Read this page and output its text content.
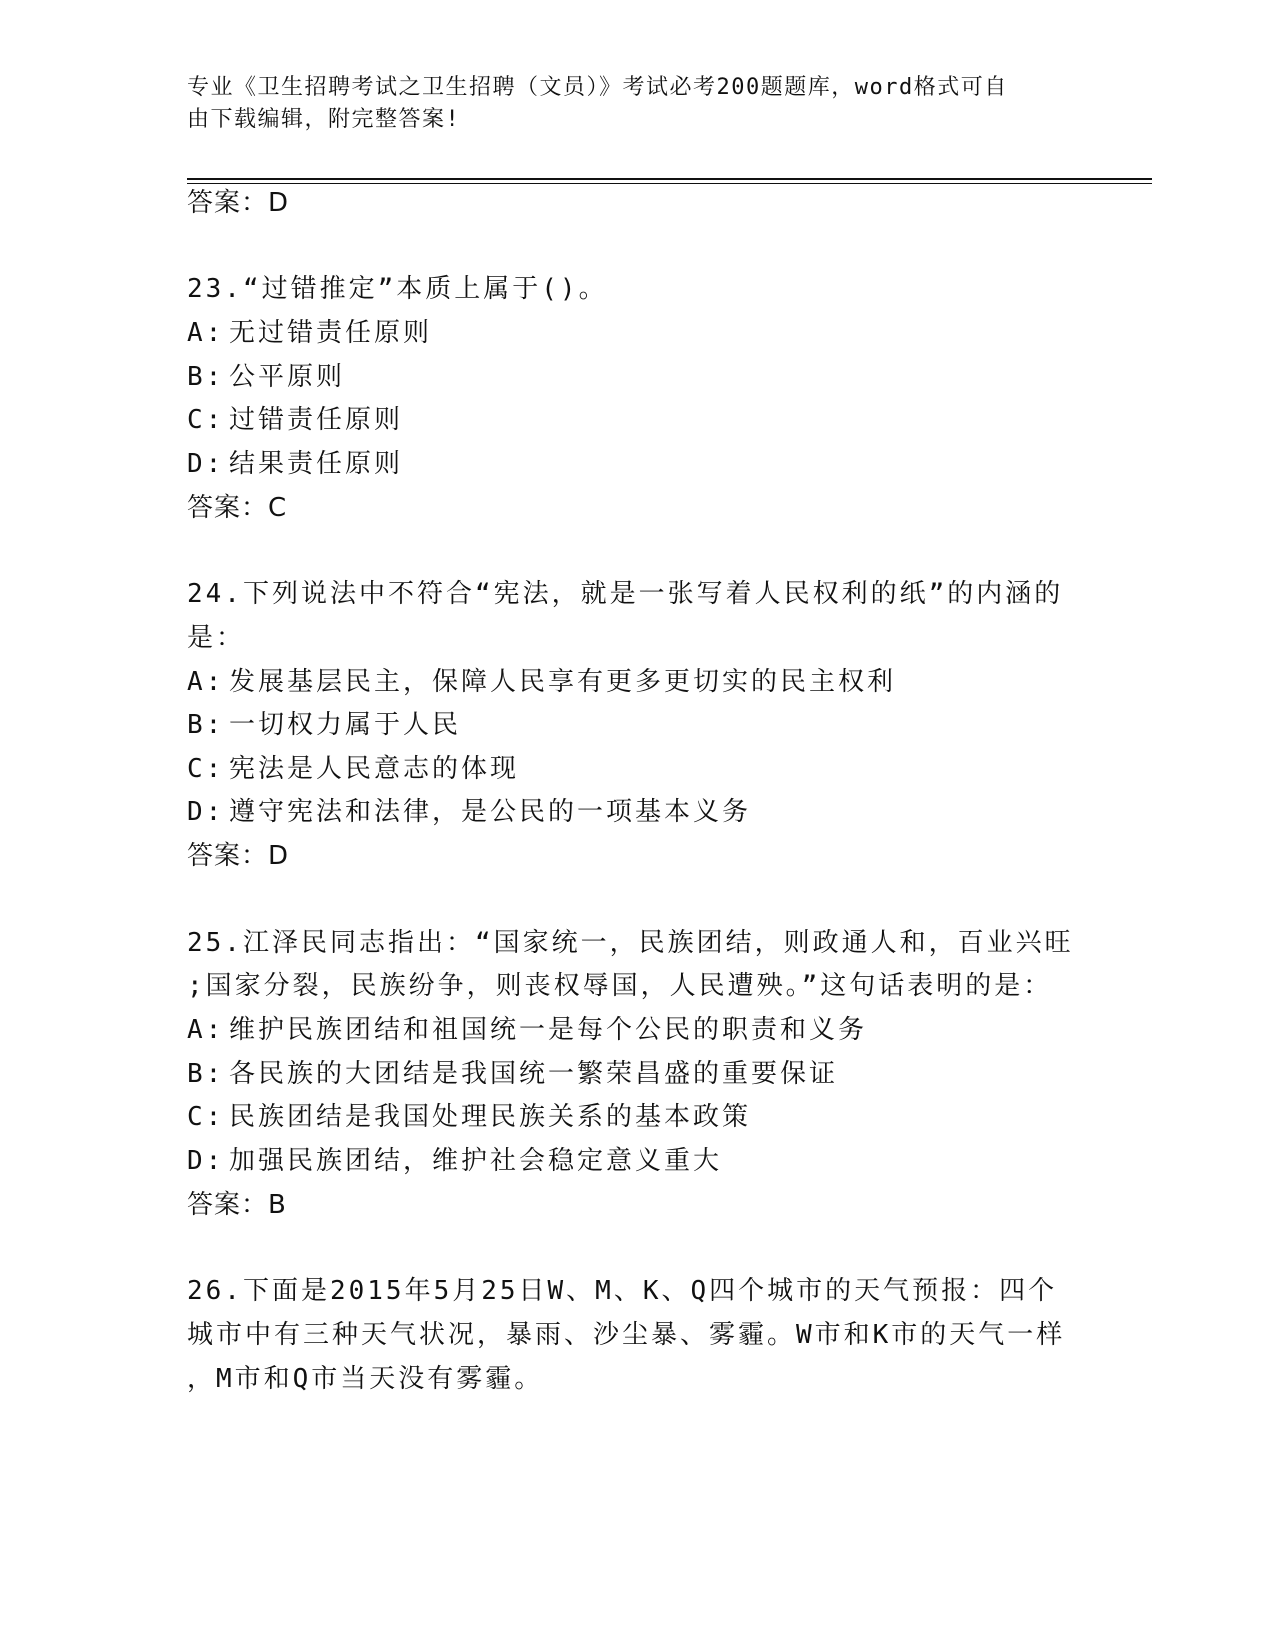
专业《卫生招聘考试之卫生招聘（文员）》考试必考200题题库，word格式可自
由下载编辑，附完整答案!
答案：D
23.“过错推定”本质上属于()。
A: 无过错责任原则
B: 公平原则
C: 过错责任原则
D: 结果责任原则
答案：C
24.下列说法中不符合“宪法，就是一张写着人民权利的纸”的内涵的
是：
A: 发展基层民主，保障人民享有更多更切实的民主权利
B: 一切权力属于人民
C: 宪法是人民意志的体现
D: 遵守宪法和法律，是公民的一项基本义务
答案：D
25.江泽民同志指出：“国家统一，民族团结，则政通人和，百业兴旺
;国家分裂，民族纷争，则丧权辱国，人民遭殃。”这句话表明的是：
A: 维护民族团结和祖国统一是每个公民的职责和义务
B: 各民族的大团结是我国统一繁荣昌盛的重要保证
C: 民族团结是我国处理民族关系的基本政策
D: 加强民族团结，维护社会稳定意义重大
答案：B
26.下面是2015年5月25日W、M、K、Q四个城市的天气预报：四个
城市中有三种天气状况，暴雨、沙尘暴、雾霾。W市和K市的天气一样
，M市和Q市当天没有雾霾。
